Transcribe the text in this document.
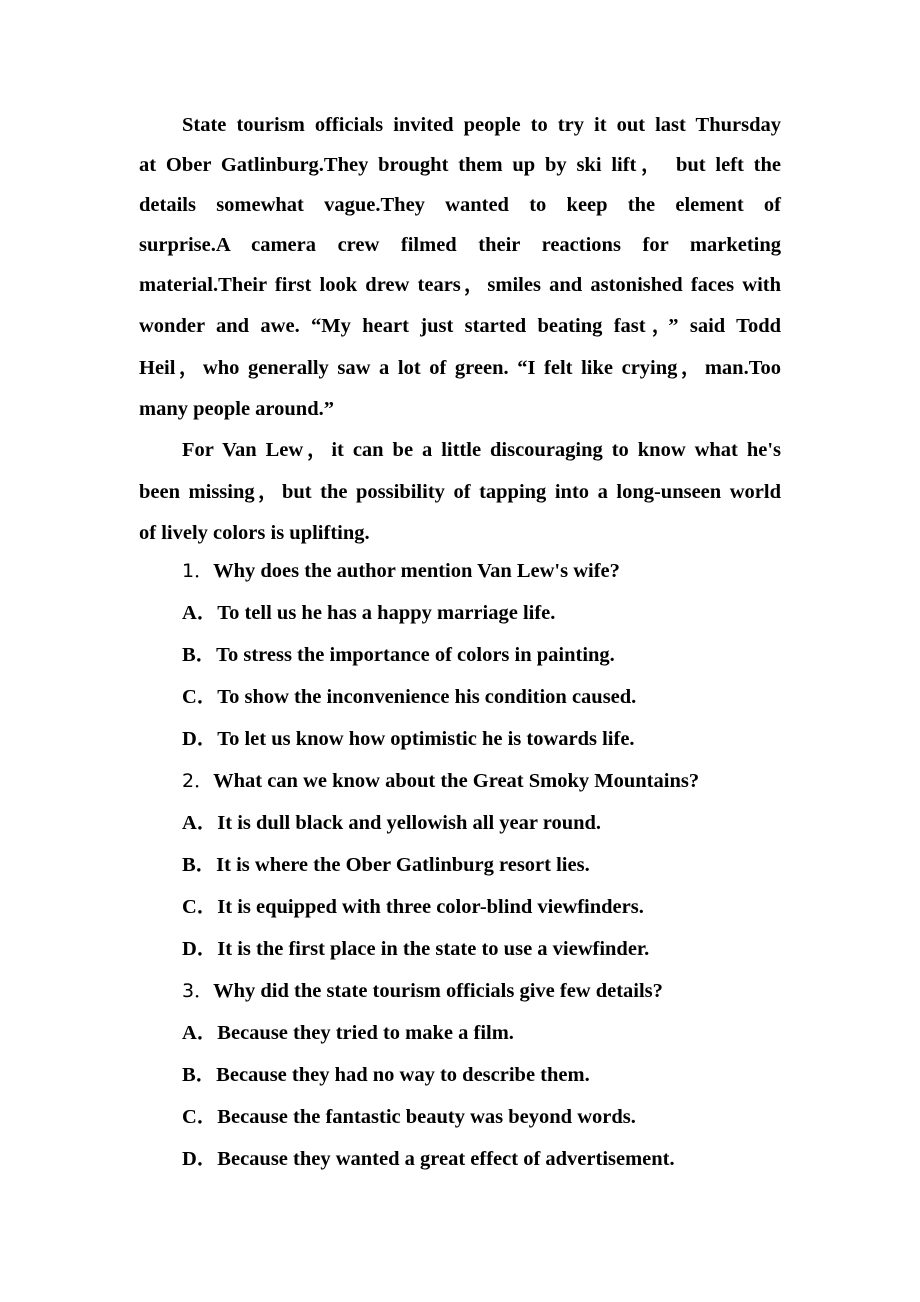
State tourism officials invited people to try it out last Thursday
at Ober Gatlinburg.They brought them up by ski lift， but left the
details somewhat vague.They wanted to keep the element of
surprise.A camera crew filmed their reactions for marketing
material.Their first look drew tears，smiles and astonished faces with
wonder and awe. “My heart just started beating fast，” said Todd
Heil，who generally saw a lot of green. “I felt like crying，man.Too
many people around.”
For Van Lew，it can be a little discouraging to know what he's
been missing，but the possibility of tapping into a long-unseen world
of lively colors is uplifting.
1．Why does the author mention Van Lew's wife?
A．To tell us he has a happy marriage life.
B．To stress the importance of colors in painting.
C．To show the inconvenience his condition caused.
D．To let us know how optimistic he is towards life.
2．What can we know about the Great Smoky Mountains?
A．It is dull black and yellowish all year round.
B．It is where the Ober Gatlinburg resort lies.
C．It is equipped with three color-blind viewfinders.
D．It is the first place in the state to use a viewfinder.
3．Why did the state tourism officials give few details?
A．Because they tried to make a film.
B．Because they had no way to describe them.
C．Because the fantastic beauty was beyond words.
D．Because they wanted a great effect of advertisement.
